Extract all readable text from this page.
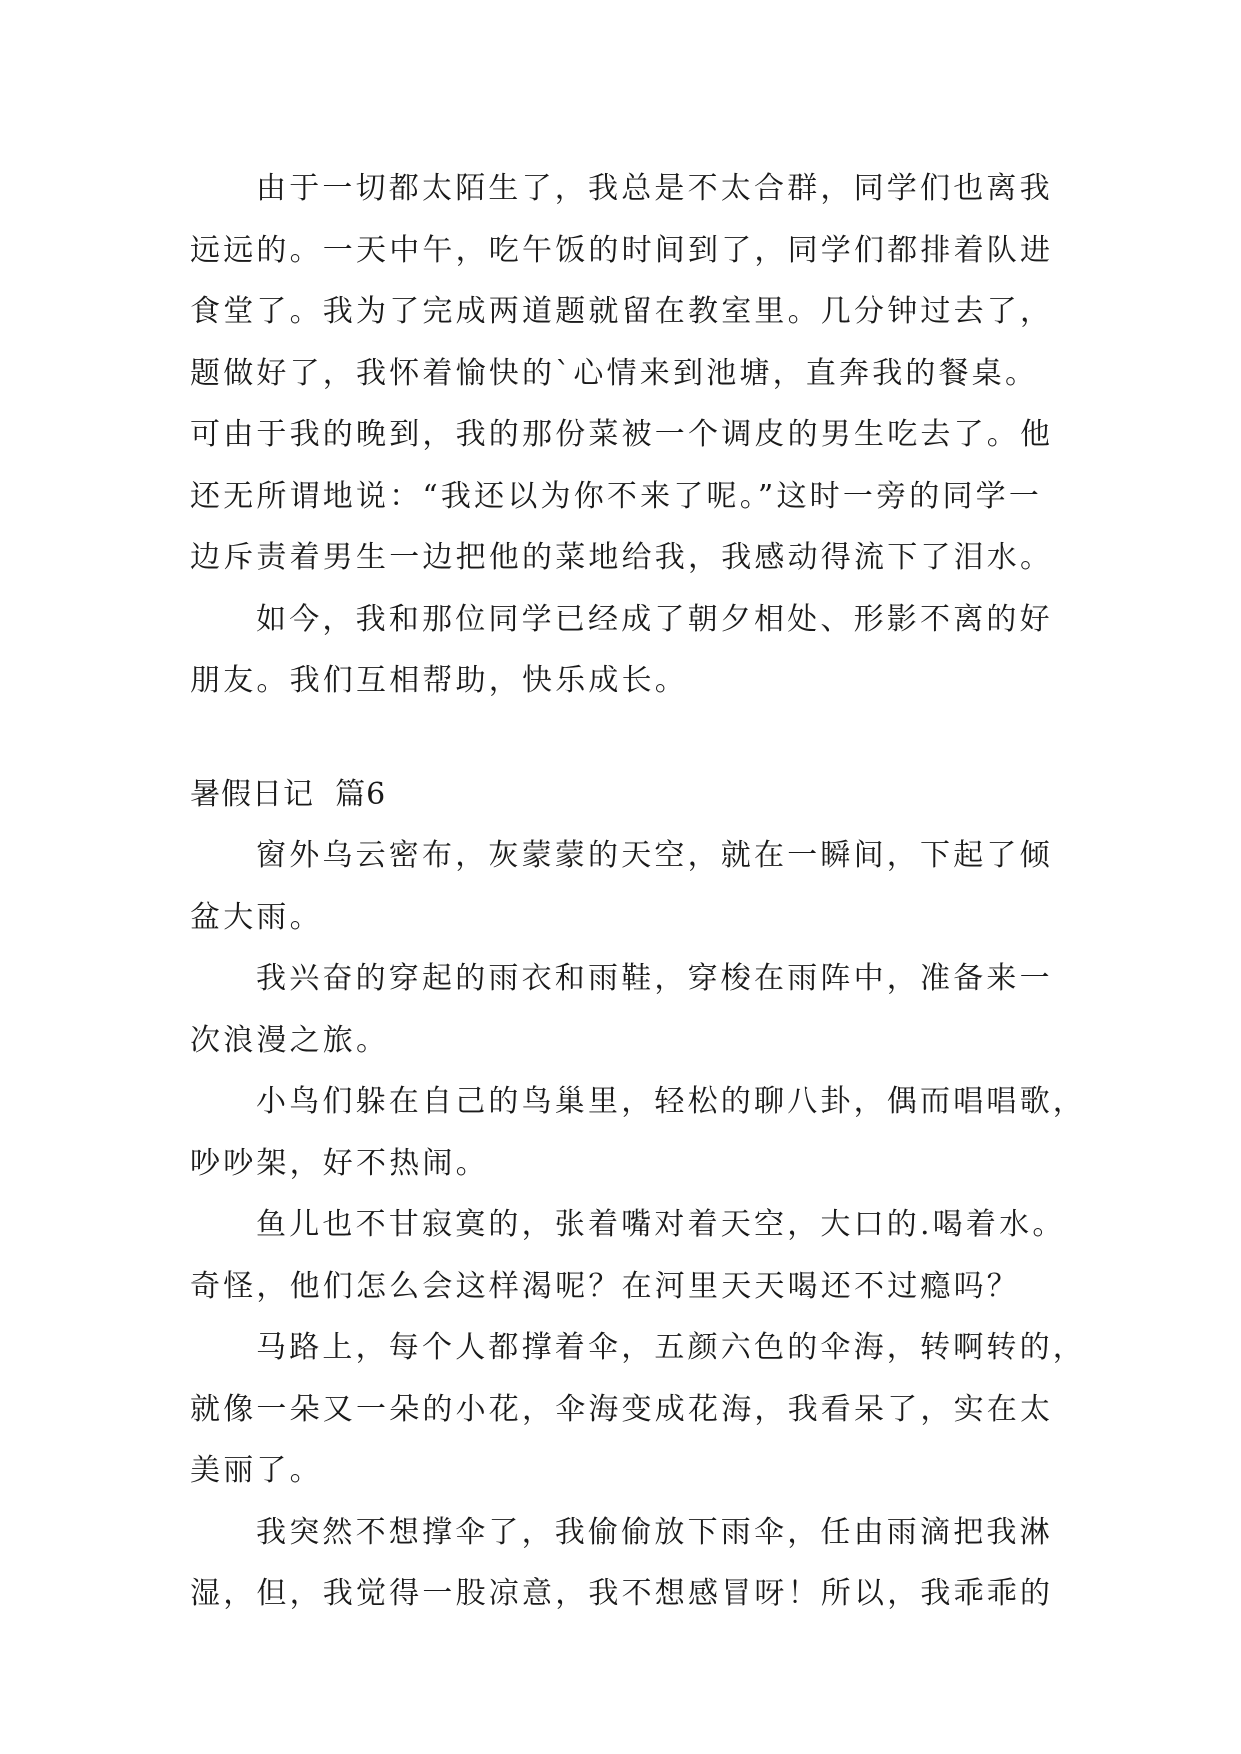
由于一切都太陌生了，我总是不太合群，同学们也离我
远远的。一天中午，吃午饭的时间到了，同学们都排着队进
食堂了。我为了完成两道题就留在教室里。几分钟过去了，
题做好了，我怀着愉快的`心情来到池塘，直奔我的餐桌。
可由于我的晚到，我的那份菜被一个调皮的男生吃去了。他
还无所谓地说：“我还以为你不来了呢。”这时一旁的同学一
边斥责着男生一边把他的菜地给我，我感动得流下了泪水。
如今，我和那位同学已经成了朝夕相处、形影不离的好
朋友。我们互相帮助，快乐成长。
暑假日记  篇6
窗外乌云密布，灰蒙蒙的天空，就在一瞬间，下起了倾
盆大雨。
我兴奋的穿起的雨衣和雨鞋，穿梭在雨阵中，准备来一
次浪漫之旅。
小鸟们躲在自己的鸟巢里，轻松的聊八卦，偶而唱唱歌，
吵吵架，好不热闹。
鱼儿也不甘寂寞的，张着嘴对着天空，大口的.喝着水。
奇怪，他们怎么会这样渴呢？在河里天天喝还不过瘾吗？
马路上，每个人都撑着伞，五颜六色的伞海，转啊转的，
就像一朵又一朵的小花，伞海变成花海，我看呆了，实在太
美丽了。
我突然不想撑伞了，我偷偷放下雨伞，任由雨滴把我淋
湿，但，我觉得一股凉意，我不想感冒呀！所以，我乖乖的
